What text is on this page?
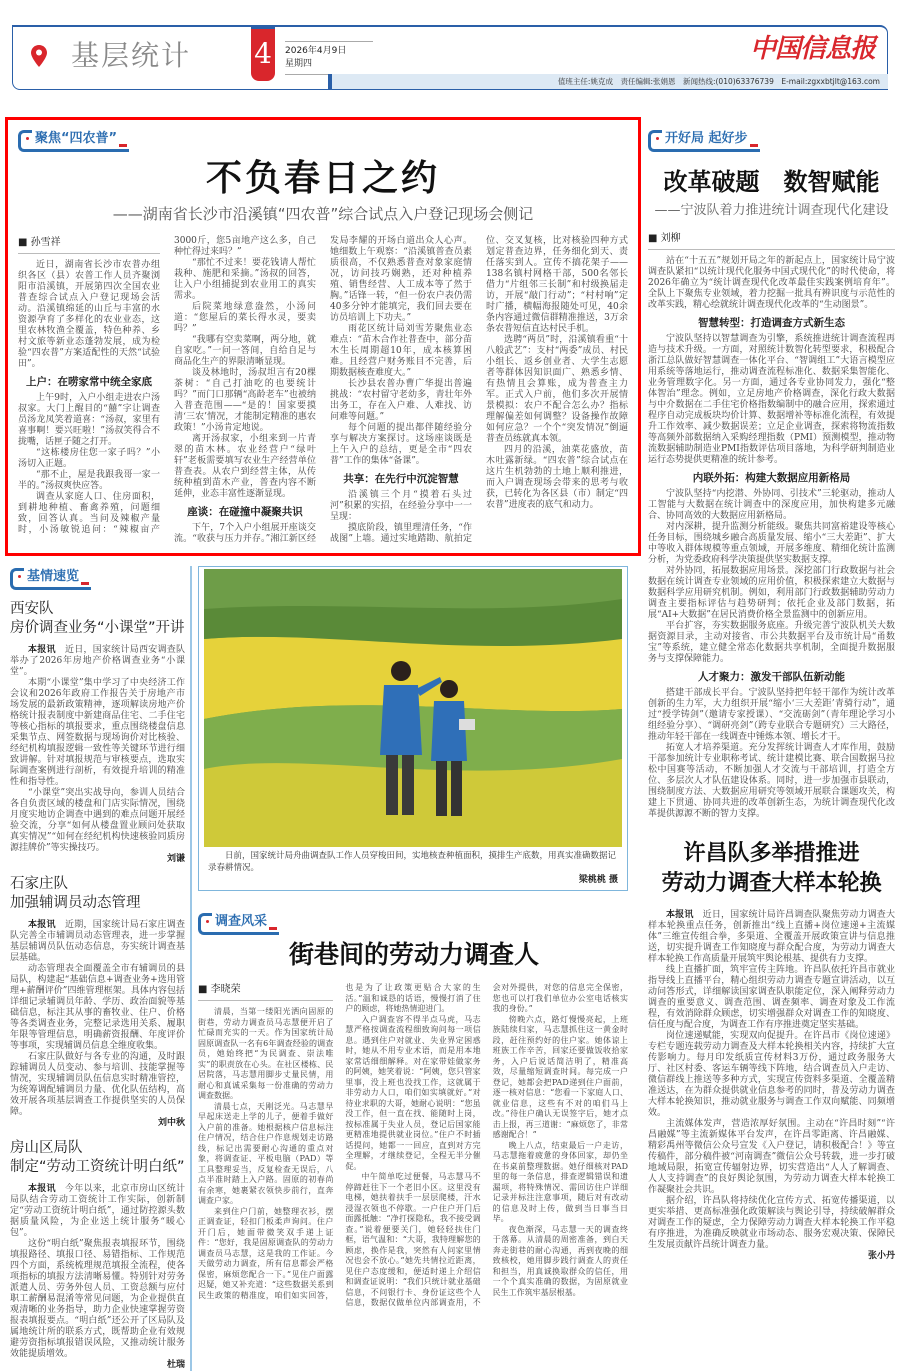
基层统计 4	2026年4月9日
星期四	中国信息报
值班主任:姚克成　责任编辑:张娟恩　新闻热线:(010)63376739　E-mail:zgxxbtjlt@163.com
聚焦“四农普”
不负春日之约
——湖南省长沙市沿溪镇“四农普”综合试点入户登记现场会侧记
■ 孙雪祥

近日，湖南省长沙市农普办组织各区（县）农普工作人员齐聚浏阳市沿溪镇，开展第四次全国农业普查综合试点入户登记现场会活动。沿溪镇绵延的山丘与丰富的水资源孕育了多样化的农业业态，这里农林牧渔全覆盖，特色种养、乡村文旅等新业态蓬勃发展，成为检验“四农普”方案适配性的天然“试验田”。

上户：在唠家常中统全家底

上午9时，入户小组走进农户汤叔家。大门上醒目的“囍”字让调查员汤龙凤笑着道喜：“汤叔，家里有喜事啊！要兴旺啦！”汤叔笑得合不拢嘴，话匣子随之打开。

“这栋楼房住您一家子吗？”小汤切入正题。

“那不止，屋是我跟我哥一家一半的。”汤叔爽快应答。

调查从家庭人口、住房面积，到耕地种植、畜禽养殖，问题细致，回答认真。当问及辣椒产量时，小汤敏锐追问：“辣椒亩产3000斤，您5亩地产这么多，自己种忙得过来吗？”

“那忙不过来！要花钱请人帮忙栽种、施肥和采摘。”汤叔的回答，让入户小组捕捉到农业用工的真实需求。

后院菜地绿意盎然，小汤问道：“您屋后的菜长得水灵，要卖吗？”

“我哪有空卖菜啊，两分地，就自家吃。”一问一答间，自给自足与商品化生产的界限清晰显现。

谈及林地时，汤叔坦言有20棵茶树：“自己打油吃的也要统计吗？”而门口那辆“高龄老车”也被纳入普查范围——“是的！国家要摸清‘三农’情况，才能制定精准的惠农政策！”小汤肯定地说。

离开汤叔家，小组来到一片青翠的苗木林。农业经营户“绿叶轩”老板需要填写农业生产经营单位普查表。从农户到经营主体，从传统种植到苗木产业，普查内容不断延伸，业态丰富性逐渐显现。

座谈：在碰撞中凝聚共识

下午，7个入户小组展开座谈交流。“收获与压力并存。”湘江新区经发局李耀的开场白道出众人心声。她细数上午观察：“沿溪镇普查员素质很高，不仅熟悉普查对象家庭情况，访问技巧娴熟，还对种植养殖、销售经营、人工成本等了然于胸。”话锋一转，“但一份农户表仍需40多分钟才能填完，我们回去要在访员培训上下功夫。”

雨花区统计局刘雪芳聚焦业态难点：“苗木合作社普查中，部分苗木生长周期超10年，成本核算困难。且经营户财务账目不完善，后期数据核查难度大。”

长沙县农普办曹广华提出普遍挑战：“农村留守老幼多，青壮年外出务工，存在入户难、人难找、访问难等问题。”

每个问题的提出都伴随经验分享与解决方案探讨。这场座谈既是上午入户的总结，更是全市“四农普”工作的集体“备课”。

共享：在先行中沉淀智慧

沿溪镇三个月“摸着石头过河”积累的实招，在经验分享中一一呈现：

摸底阶段，镇里理清任务，“作战图”上墙。通过实地踏勘、航拍定位、交叉复核，比对核验四种方式划定普查边界，任务细化到天、责任落实到人。宣传不搞花架子——138名镇村网格干部，500名邻长借力“片组邻三长制”和村级换届走访，开展“敲门行动”；“村村响”定时广播，横幅海报随处可见，40余条内容通过微信群精准推送，3万余条农普短信直达村民手机。

选聘“两员”时，沿溪镇看重“十八般武艺”：支村“两委”成员、村民小组长、返乡创业者、大学生志愿者等群体因知识面广、熟悉乡情、有热情且会算账，成为普查主力军。正式入户前，他们多次开展情景模拟：农户不配合怎么办？指标理解偏差如何调整？设备操作故障如何应急？一个个“突发情况”倒逼普查员练就真本领。

四月的沿溪，油菜花盛放，苗木吐露新绿。“四农普”综合试点在这片生机勃勃的土地上顺利推进，而入户调查现场会带来的思考与收获，已转化为各区县（市）制定“四农普”进度表的底气和动力。

基情速览
西安队
房价调查业务“小课堂”开讲

本报讯　 近日，国家统计局西安调查队举办了2026年房地产价格调查业务“小课堂”。

本期“小课堂”集中学习了中央经济工作会议和2026年政府工作报告关于房地产市场发展的最新政策精神，逐项解读房地产价格统计报表制度中新建商品住宅、二手住宅等核心指标的填报要求，重点围绕楼盘信息采集节点、网签数据与现场询价对比核验、经纪机构填报逻辑一致性等关键环节进行细致讲解。针对填报规范与审核要点，选取实际调查案例进行剖析，有效提升培训的精准性和指导性。

“小课堂”突出实战导向，参训人员结合各自负责区域的楼盘和门店实际情况，围绕月度实地访企调查中遇到的难点问题开展经验交流，分享“如何从楼盘置业顾问处获取真实情况”“如何在经纪机构快速核验同质房源挂牌价”等实操技巧。

刘谦
石家庄队
加强辅调员动态管理

本报讯　 近期，国家统计局石家庄调查队完善全市辅调员动态管理表，进一步掌握基层辅调员队伍动态信息，夯实统计调查基层基础。

动态管理表全面覆盖全市有辅调员的县局队，构建起“基础信息+调查业务+选用管理+薪酬评价”四维管理框架。具体内容包括详细记录辅调员年龄、学历、政治面貌等基础信息，标注其从事的畜牧业、住户、价格等各类调查业务，完整记录选用关系、履职年限等管理信息，明确薪资报酬、年度评价等事项，实现辅调员信息全维度收集。

石家庄队做好与各专业的沟通，及时跟踪辅调员人员变动、参与培训、技能掌握等情况，实现辅调员队伍信息实时精准管控，为统筹调配辅调员力量、优化队伍结构，高效开展各项基层调查工作提供坚实的人员保障。

刘中秋
房山区局队
制定“劳动工资统计明白纸”

本报讯　 今年以来，北京市房山区统计局队结合劳动工资统计工作实际，创新制定“劳动工资统计明白纸”，通过防控源头数据质量风险，为企业送上统计服务“暖心包”。

这份“明白纸”聚焦报表填报环节，围绕填报路径、填报口径、易错指标、工作规范四个方面，系统梳理规范填报全流程，使各项指标的填报方法清晰易懂。特别针对劳务派遣人员、劳务外包人员、工资总额与应付职工薪酬易混淆等常见问题，为企业提供直观清晰的业务指导，助力企业快速掌握劳资报表填报要点。“明白纸”还公开了区局队及属地统计所的联系方式，既帮助企业有效规避劳资指标填报错误风险，又推动统计服务效能提质增效。

杜瑞
日前，国家统计局舟曲调查队工作人员穿梭田间，实地核查种植面积，摸排生产底数，用真实准确数据记录春耕情况。
梁桃桃 摄
调查风采
街巷间的劳动力调查人
■ 李晓荣

清晨，当第一缕阳光洒向固原的街巷，劳动力调查员马志慧便开启了忙碌而充实的一天。作为国家统计局固原调查队一名有6年调查经验的调查员，她始终把“为民调查、崇法唯实”的职责放在心头。在社区楼栋、民居院落，马志慧用脚步丈量民情，用耐心和真诚采集每一份准确的劳动力调查数据。

清晨七点，天刚泛光。马志慧早早起床送走上学的儿子，便着手做好入户前的准备。她根据核户信息标注住户情况，结合住户作息规划走访路线，标记出需要耐心沟通的重点对象，将调查证、平板电脑（PAD）等工具整理妥当，反复检查无误后，八点半准时踏上入户路。固原的初春尚有余寒，她裹紧衣领快步前行，直奔调查户家。

来到住户门前，她整理衣衫，摆正调查证，轻扣门板柔声询问。住户开门后，她面带微笑双手递上证件：“您好，我是固原调查队的劳动力调查员马志慧，这是我的工作证。今天做劳动力调查，所有信息都会严格保密，麻烦您配合一下。”见住户面露迟疑，她又补充道：“这些数据关系到民生政策的精准度，咱们如实回答，也是为了让政策更贴合大家的生活。”温和诚恳的话语，慢慢打消了住户的顾虑，将她热情迎进门。

入户调查容不得半点马虎，马志慧严格按调查流程细致询问每一项信息。遇到住户对就业、失业界定困惑时，她从不用专业术语，而是用本地家常话细细解释。对在家带娃做家务的阿姨，她笑着说：“阿姨，您只管家里事，没上班也没找工作，这就属于非劳动力人口，咱们如实填就好。”对待业求职的大哥，她耐心说明：“您虽没工作，但一直在找、能随时上岗，按标准属于失业人员，登记后国家能更精准地提供就业岗位。”住户不时插话提问，她都一一回应，直到对方完全理解，才继续登记，全程无半分催促。

中午简单吃过便餐，马志慧马不停蹄赶往下一个老旧小区。这里没有电梯，她扶着扶手一层层爬楼，汗水浸湿衣领也不停歇。一户住户开门后面露抵触：“净打探隐私，我不接受调查。”说着便要关门，她轻轻扶住门框，语气温和：“大哥，我特理解您的顾虑，换作是我，突然有人问家里情况也会不放心。”她先共情拉近距离，见住户态度缓和，便适时递上介绍信和调查证说明：“我们只统计就业基础信息，不问银行卡、身份证这些个人信息，数据仅做单位内部调查用，不会对外提供，对您的信息完全保密，您也可以打我们单位办公室电话核实我的身份。”

傍晚六点，路灯慢慢亮起，上班族陆续归家，马志慧抓住这一黄金时段，赶往预约好的住户家。她体谅上班族工作辛苦，回家还要做饭收拾家务，入户后说话简洁明了，精准高效，尽量缩短调查时间。每完成一户登记，她都会把PAD递到住户面前，逐一核对信息：“您看一下家庭人口、就业信息，这些有不对的咱们马上改。”待住户确认无误签字后，她才点击上报，再三道谢：“麻烦您了，非常感谢配合！”

晚上八点，结束最后一户走访，马志慧拖着疲惫的身体回家，却仍坐在书桌前整理数据。她仔细核对PAD里的每一条信息，排查逻辑错误和遗漏项，将特殊情况、需回访住户详细记录并标注注意事项，随后对有改动的信息及时上传，做到当日事当日毕。

夜色渐深，马志慧一天的调查终于落幕。从清晨的周密准备，到白天奔走街巷的耐心沟通，再到夜晚的细致核校，她用脚步践行调查人的责任和担当，用真诚换取群众的信任，用一个个真实准确的数据，为固原就业民生工作筑牢基层根基。

开好局 起好步
改革破题　数智赋能
——宁波队着力推进统计调查现代化建设
■ 刘柳

站在“十五五”规划开局之年的新起点上，国家统计局宁波调查队紧扣“以统计现代化服务中国式现代化”的时代使命，将2026年确立为“统计调查现代化改革最佳实践案例培育年”。全队上下聚焦专业领域，着力挖掘一批具有辨识度与示范性的改革实践，精心绘就统计调查现代化改革的“生动图景”。

智慧转型：打造调查方式新生态

宁波队坚持以智慧调查为引擎，系统推进统计调查流程再造与技术升级。一方面，对照统计数智化转型要求，积极配合浙江总队做好智慧调查一体化平台、“智调组工”大语言模型应用系统等落地运行，推动调查流程标准化、数据采集智能化、业务管理数字化。另一方面，通过各专业协同发力，强化“整体智治”理念。例如，立足房地产价格调查，深化行政大数据与中介数据在二手住宅价格指数编制中的融合应用，探索通过程序自动完成板块均价计算、数据增补等标准化流程，有效提升工作效率、减少数据误差；立足企业调查，探索将物流指数等高频外部数据纳入采购经理指数（PMI）预测模型，推动物流数据辅助制造业PMI指数评估项目落地，为科学研判制造业运行态势提供更精准的统计参考。

内联外拓：构建大数据应用新格局

宁波队坚持“内挖潜、外协同、引技术”三轮驱动，推动人工智能与大数据在统计调查中的深度应用，加快构建多元融合、协同高效的大数据应用新格局。

对内深耕，提升监测分析能级。聚焦共同富裕建设等核心任务目标，围绕城乡融合高质量发展、缩小“三大差距”、扩大中等收入群体规模等重点领域，开展多维度、精细化统计监测分析，为党委政府科学决策提供坚实数据支撑。

对外协同，拓展数据应用场景。深挖部门行政数据与社会数据在统计调查专业领域的应用价值，积极探索建立大数据与数据科学应用研究机制。例如，利用部门行政数据辅助劳动力调查主要指标评估与趋势研判；依托企业及部门数据，拓展“AI+大数据”在居民消费价格全景监测中的创新应用。

平台扩容，夯实数据服务底座。升级完善宁波队机关大数据资源目录，主动对接省、市公共数据平台及市统计局“甬数宝”等系统，建立健全常态化数据共享机制，全面提升数据服务与支撑保障能力。

人才聚力：激发干部队伍新动能

搭建干部成长平台。宁波队坚持把年轻干部作为统计改革创新的生力军，大力组织开展“缩小‘三大差距’青骑行动”，通过“授学铸剑”（邀请专家授课）、“交流砺剑”（青年理论学习小组经验分享）、“调研亮剑”（跨专业联合专题研究）三大路径，推动年轻干部在一线调查中锤炼本领、增长才干。

拓宽人才培养渠道。充分发挥统计调查人才库作用，鼓励干部参加统计专业职称考试、统计建模比赛、联合国数据马拉松中国赛等活动，不断加强人才交流与干部培训，打造全方位、多层次人才队伍建设体系。同时，进一步加强市县联动，围绕制度方法、大数据应用研究等领域开展联合课题攻关，构建上下贯通、协同共进的改革创新生态，为统计调查现代化改革提供源源不断的智力支撑。

许昌队多举措推进
劳动力调查大样本轮换

本报讯　 近日，国家统计局许昌调查队聚焦劳动力调查大样本轮换重点任务，创新推出“线上直播+岗位速递+主流媒体”三维宣传组合拳，多渠道、全覆盖开展政策宣讲与信息推送，切实提升调查工作知晓度与群众配合度，为劳动力调查大样本轮换工作高质量开展筑牢舆论根基、提供有力支撑。

线上直播扩面，筑牢宣传主阵地。许昌队依托许昌市就业指导线上直播平台，精心组织劳动力调查专题宣讲活动，以互动问答形式，详细解读国家调查队职能定位，深入阐释劳动力调查的重要意义、调查范围、调查频率、调查对象及工作流程，有效消除群众顾虑，切实增强群众对调查工作的知晓度、信任度与配合度，为调查工作有序推进奠定坚实基础。

岗位速递赋能，实现双向促提升。在许昌市《岗位速递》专栏专题连载劳动力调查及大样本轮换相关内容，持续扩大宣传影响力。每月印发纸质宣传材料3万份，通过政务服务大厅、社区村委、客运车辆等线下阵地，结合调查员入户走访、微信群线上推送等多种方式，实现宣传资料多渠道、全覆盖精准送达，在为群众提供就业信息参考的同时，普及劳动力调查大样本轮换知识，推动就业服务与调查工作双向赋能、同频增效。

主流媒体发声，营造浓厚好氛围。主动在“许昌时刻”“许昌融媒”等主流新媒体平台发声，在许昌零距离、许昌融媒、精彩禹州等微信公众号宣发《入户登记，请积极配合！》等宣传稿件，部分稿件被“河南调查”微信公众号转载，进一步打破地域局限，拓宽宣传辐射边界，切实营造出“人人了解调查、人人支持调查”的良好舆论氛围，为劳动力调查大样本轮换工作凝聚社会共识。

据介绍，许昌队将持续优化宣传方式、拓宽传播渠道，以更实举措、更高标准强化政策解读与舆论引导，持续破解群众对调查工作的疑虑，全力保障劳动力调查大样本轮换工作平稳有序推进，为准确反映就业市场动态、服务宏观决策、保障民生发展贡献许昌统计调查力量。

张小丹
